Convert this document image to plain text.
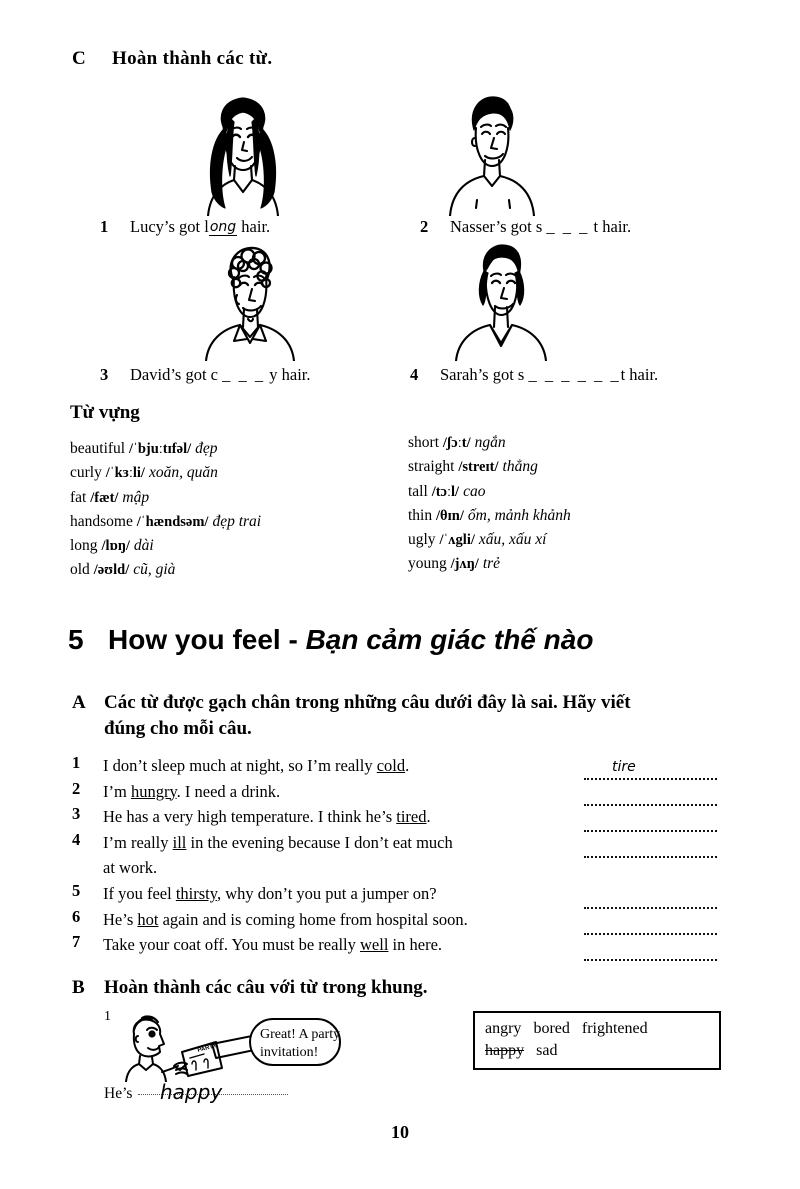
C Hoàn thành các từ.
1 Lucy’s got long hair.	2 Nasser’s got s _ _ _ t hair.
3 David’s got c _ _ _ y hair.	4 Sarah’s got s _ _ _ _ _ _t hair.
Từ vựng
beautiful /ˈbjuːtɪfəl/ đẹp
curly /ˈkɜːli/ xoăn, quăn
fat /fæt/ mập
handsome /ˈhændsəm/ đẹp trai
long /lɒŋ/ dài
old /əʊld/ cũ, già
short /ʃɔːt/ ngắn
straight /streɪt/ thẳng
tall /tɔːl/ cao
thin /θɪn/ ốm, mảnh khảnh
ugly /ˈʌgli/ xấu, xấu xí
young /jʌŋ/ trẻ
5 How you feel - Bạn cảm giác thế nào
A Các từ được gạch chân trong những câu dưới đây là sai. Hãy viết đúng cho mỗi câu.
1	I don’t sleep much at night, so I’m really cold.
2	I’m hungry. I need a drink.
3	He has a very high temperature. I think he’s tired.
4	I’m really ill in the evening because I don’t eat much
at work.
5	If you feel thirsty, why don’t you put a jumper on?
6	He’s hot again and is coming home from hospital soon.
7	Take your coat off. You must be really well in here.
tire
B Hoàn thành các câu với từ trong khung.
1
PARTY
Great! A party
invitation!
He’s	happy
angry bored frightened
happy sad
10
